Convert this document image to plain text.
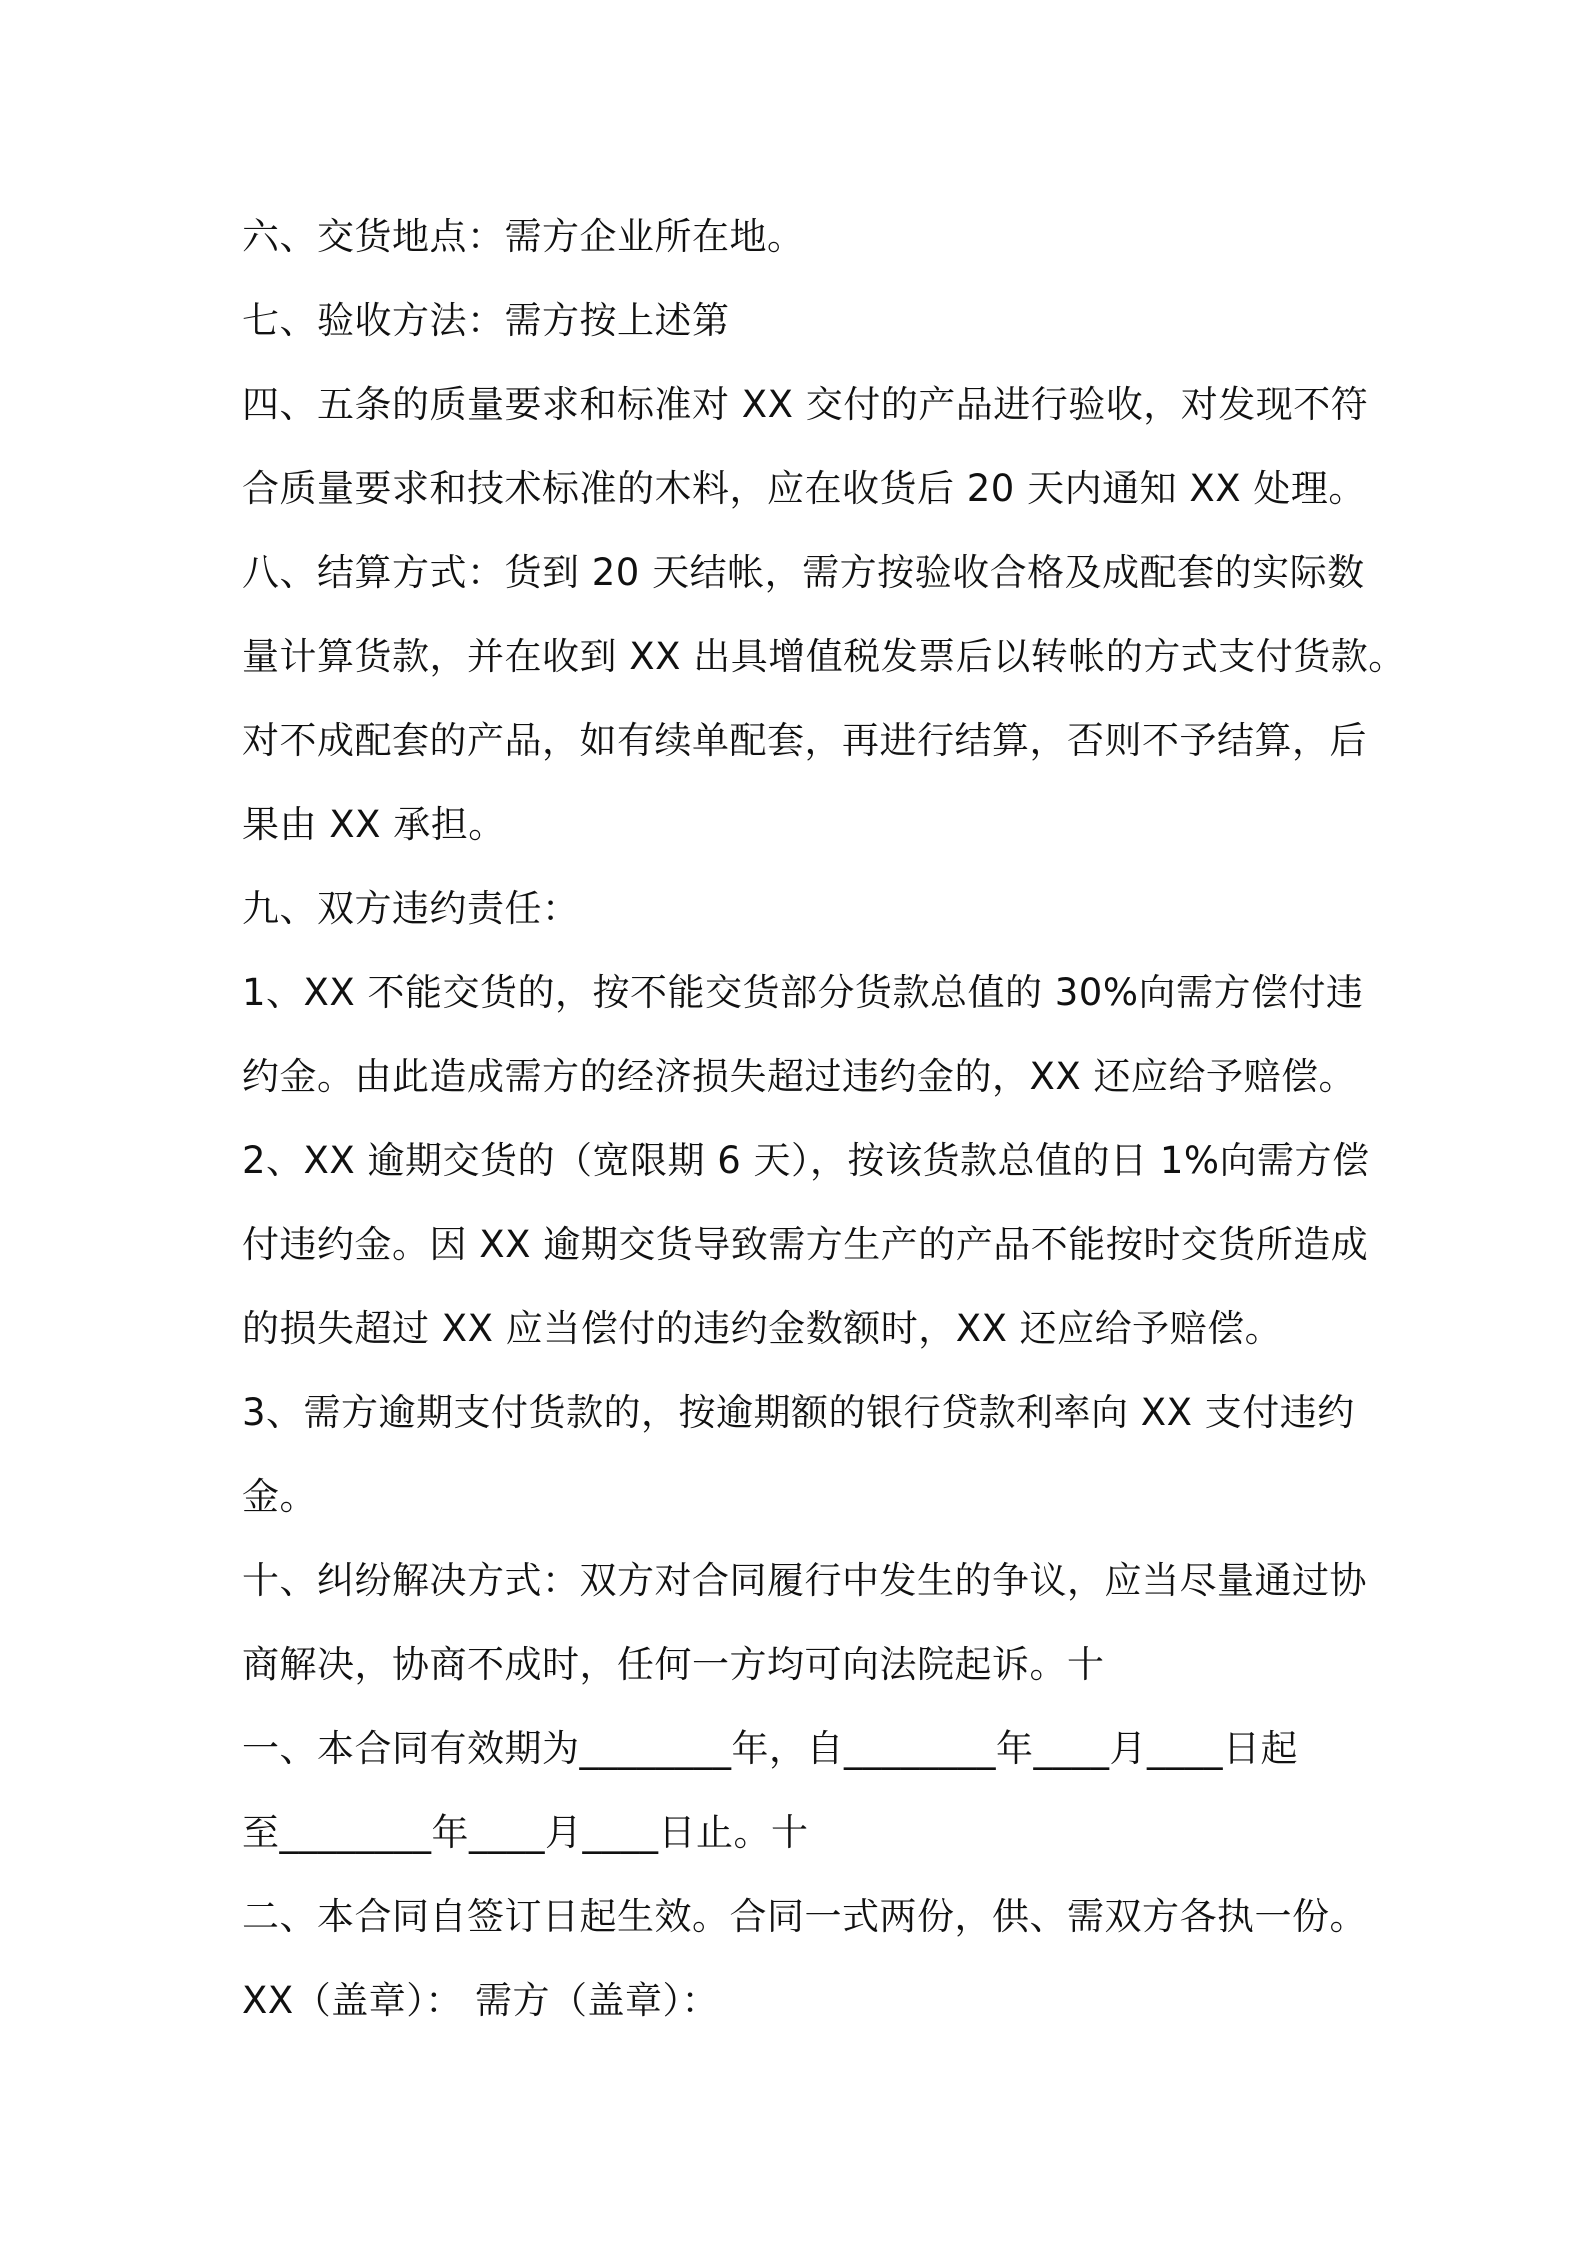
六、交货地点：需方企业所在地。
七、验收方法：需方按上述第
四、五条的质量要求和标准对 XX 交付的产品进行验收，对发现不符
合质量要求和技术标准的木料，应在收货后 20 天内通知 XX 处理。
八、结算方式：货到 20 天结帐，需方按验收合格及成配套的实际数
量计算货款，并在收到 XX 出具增值税发票后以转帐的方式支付货款。
对不成配套的产品，如有续单配套，再进行结算，否则不予结算，后
果由 XX 承担。
九、双方违约责任：
1、XX 不能交货的，按不能交货部分货款总值的 30%向需方偿付违
约金。由此造成需方的经济损失超过违约金的，XX 还应给予赔偿。
2、XX 逾期交货的（宽限期 6 天），按该货款总值的日 1%向需方偿
付违约金。因 XX 逾期交货导致需方生产的产品不能按时交货所造成
的损失超过 XX 应当偿付的违约金数额时，XX 还应给予赔偿。
3、需方逾期支付货款的，按逾期额的银行贷款利率向 XX 支付违约
金。
十、纠纷解决方式：双方对合同履行中发生的争议，应当尽量通过协
商解决，协商不成时，任何一方均可向法院起诉。十
一、本合同有效期为________年，自________年____月____日起
至________年____月____日止。十
二、本合同自签订日起生效。合同一式两份，供、需双方各执一份。
XX（盖章）： 需方（盖章）：
